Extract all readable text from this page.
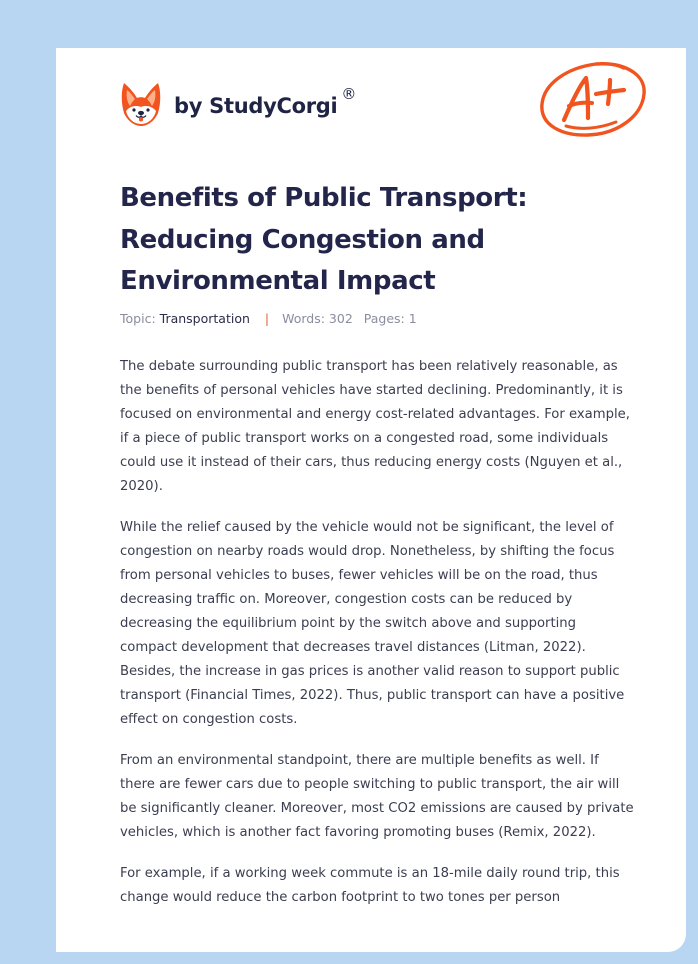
by StudyCorgi ®
Benefits of Public Transport: Reducing Congestion and Environmental Impact
Topic: Transportation | Words: 302 Pages: 1

The debate surrounding public transport has been relatively reasonable, as the benefits of personal vehicles have started declining. Predominantly, it is focused on environmental and energy cost-related advantages. For example, if a piece of public transport works on a congested road, some individuals could use it instead of their cars, thus reducing energy costs (Nguyen et al., 2020).

While the relief caused by the vehicle would not be significant, the level of congestion on nearby roads would drop. Nonetheless, by shifting the focus from personal vehicles to buses, fewer vehicles will be on the road, thus decreasing traffic on. Moreover, congestion costs can be reduced by decreasing the equilibrium point by the switch above and supporting compact development that decreases travel distances (Litman, 2022). Besides, the increase in gas prices is another valid reason to support public transport (Financial Times, 2022). Thus, public transport can have a positive effect on congestion costs.

From an environmental standpoint, there are multiple benefits as well. If there are fewer cars due to people switching to public transport, the air will be significantly cleaner. Moreover, most CO2 emissions are caused by private vehicles, which is another fact favoring promoting buses (Remix, 2022).

For example, if a working week commute is an 18-mile daily round trip, this change would reduce the carbon footprint to two tones per person
